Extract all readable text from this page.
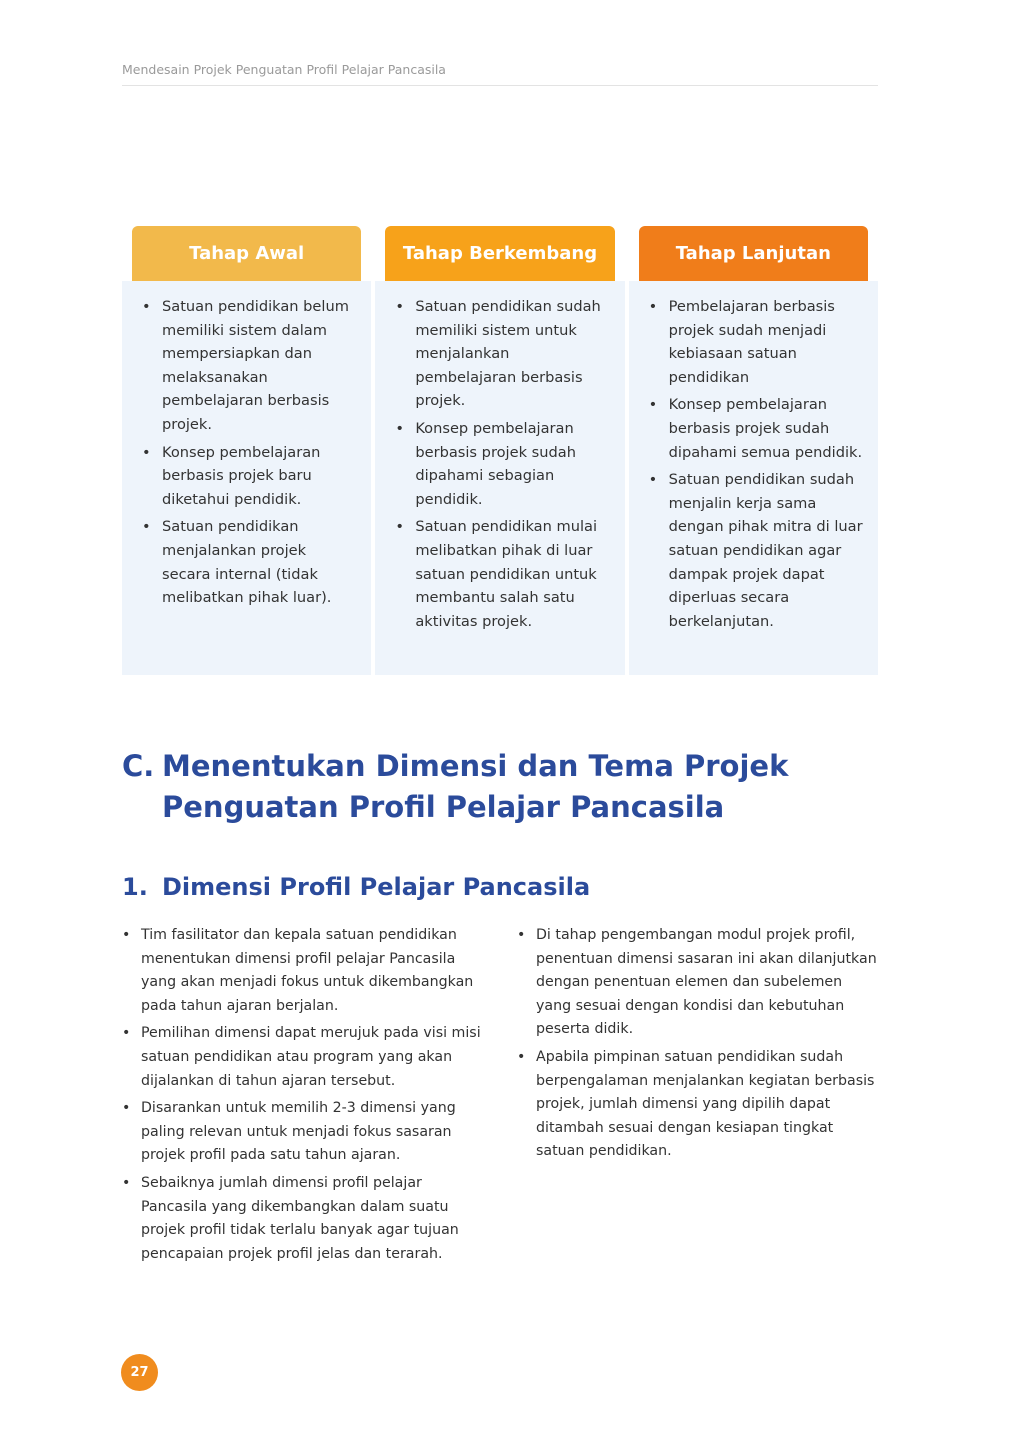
Mendesain Projek Penguatan Profil Pelajar Pancasila
Tahap Awal
• Satuan pendidikan belum memiliki sistem dalam mempersiapkan dan melaksanakan pembelajaran berbasis projek.
• Konsep pembelajaran berbasis projek baru diketahui pendidik.
• Satuan pendidikan menjalankan projek secara internal (tidak melibatkan pihak luar).
Tahap Berkembang
• Satuan pendidikan sudah memiliki sistem untuk menjalankan pembelajaran berbasis projek.
• Konsep pembelajaran berbasis projek sudah dipahami sebagian pendidik.
• Satuan pendidikan mulai melibatkan pihak di luar satuan pendidikan untuk membantu salah satu aktivitas projek.
Tahap Lanjutan
• Pembelajaran berbasis projek sudah menjadi kebiasaan satuan pendidikan
• Konsep pembelajaran berbasis projek sudah dipahami semua pendidik.
• Satuan pendidikan sudah menjalin kerja sama dengan pihak mitra di luar satuan pendidikan agar dampak projek dapat diperluas secara berkelanjutan.
C. Menentukan Dimensi dan Tema Projek Penguatan Profil Pelajar Pancasila
1. Dimensi Profil Pelajar Pancasila
• Tim fasilitator dan kepala satuan pendidikan menentukan dimensi profil pelajar Pancasila yang akan menjadi fokus untuk dikembangkan pada tahun ajaran berjalan.
• Pemilihan dimensi dapat merujuk pada visi misi satuan pendidikan atau program yang akan dijalankan di tahun ajaran tersebut.
• Disarankan untuk memilih 2-3 dimensi yang paling relevan untuk menjadi fokus sasaran projek profil pada satu tahun ajaran.
• Sebaiknya jumlah dimensi profil pelajar Pancasila yang dikembangkan dalam suatu projek profil tidak terlalu banyak agar tujuan pencapaian projek profil jelas dan terarah.
• Di tahap pengembangan modul projek profil, penentuan dimensi sasaran ini akan dilanjutkan dengan penentuan elemen dan subelemen yang sesuai dengan kondisi dan kebutuhan peserta didik.
• Apabila pimpinan satuan pendidikan sudah berpengalaman menjalankan kegiatan berbasis projek, jumlah dimensi yang dipilih dapat ditambah sesuai dengan kesiapan tingkat satuan pendidikan.
27
